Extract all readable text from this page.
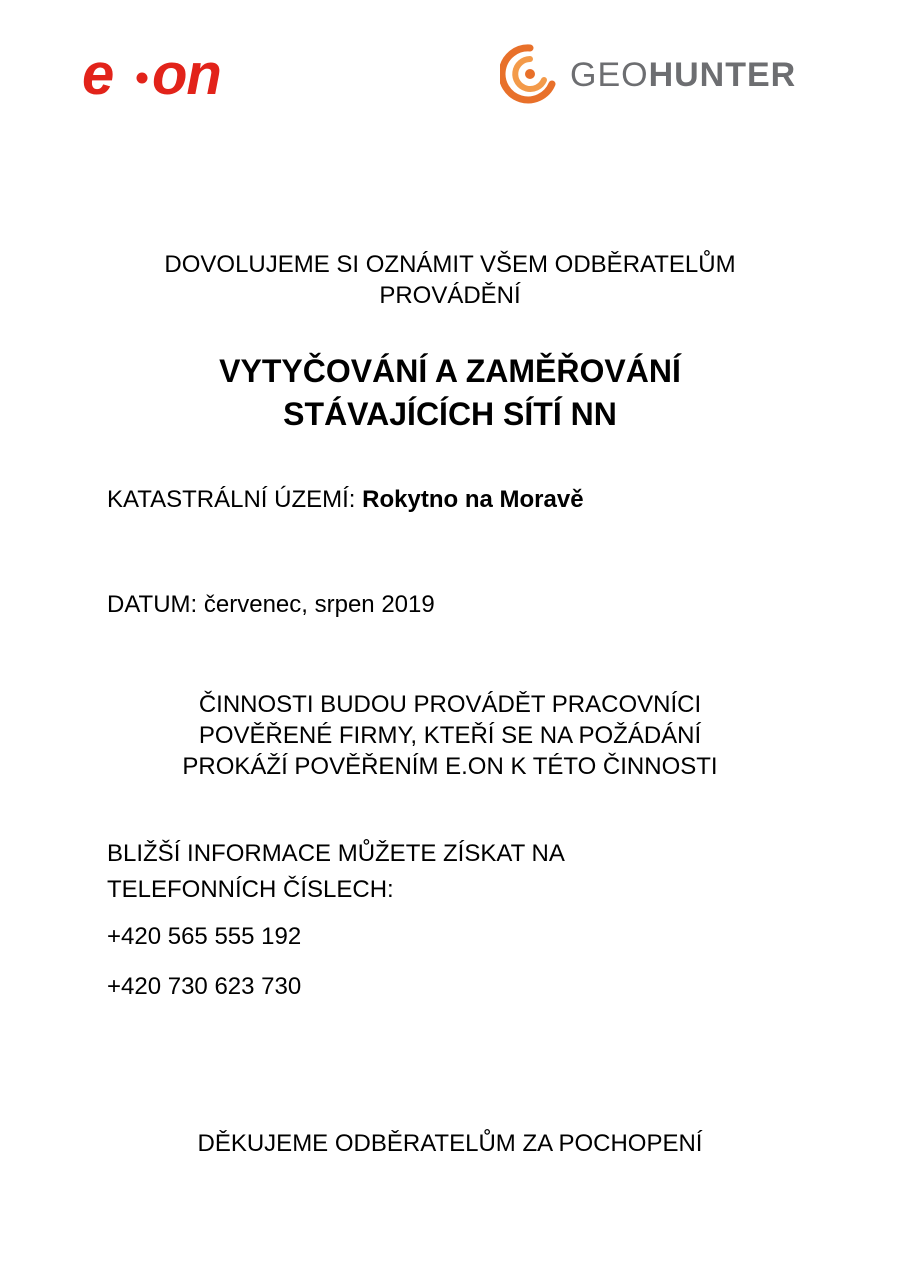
e on	GEOHUNTER
DOVOLUJEME SI OZNÁMIT VŠEM ODBĚRATELŮM
PROVÁDĚNÍ
VYTYČOVÁNÍ A ZAMĚŘOVÁNÍ
STÁVAJÍCÍCH SÍTÍ NN
KATASTRÁLNÍ ÚZEMÍ: Rokytno na Moravě
DATUM: červenec, srpen 2019
ČINNOSTI BUDOU PROVÁDĚT PRACOVNÍCI
POVĚŘENÉ FIRMY, KTEŘÍ SE NA POŽÁDÁNÍ
PROKÁŽÍ POVĚŘENÍM E.ON K TÉTO ČINNOSTI
BLIŽŠÍ INFORMACE MŮŽETE ZÍSKAT NA
TELEFONNÍCH ČÍSLECH:
+420 565 555 192
+420 730 623 730
DĚKUJEME ODBĚRATELŮM ZA POCHOPENÍ
